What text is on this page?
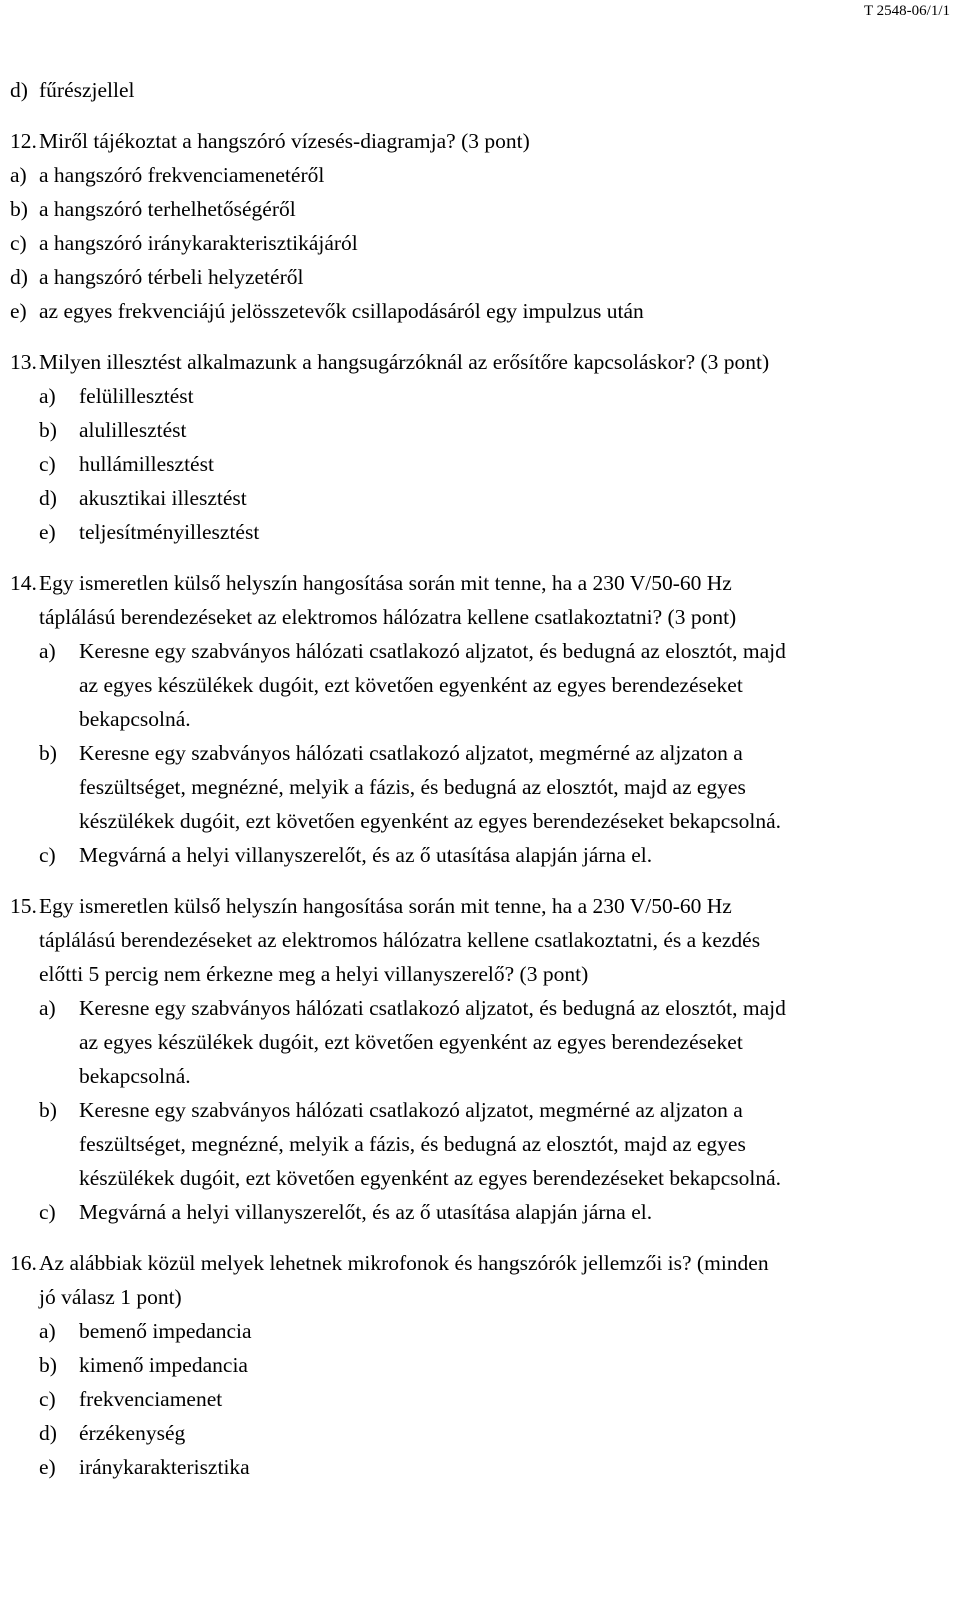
T 2548-06/1/1
d) fűrészjellel
12. Miről tájékoztat a hangszóró vízesés-diagramja? (3 pont)
a) a hangszóró frekvenciamenetéről
b) a hangszóró terhelhetőségéről
c) a hangszóró iránykarakterisztikájáról
d) a hangszóró térbeli helyzetéről
e) az egyes frekvenciájú jelösszetevők csillapodásáról egy impulzus után
13. Milyen illesztést alkalmazunk a hangsugárzóknál az erősítőre kapcsoláskor? (3 pont)
a) felülillesztést
b) alulillesztést
c) hullámillesztést
d) akusztikai illesztést
e) teljesítményillesztést
14. Egy ismeretlen külső helyszín hangosítása során mit tenne, ha a 230 V/50-60 Hz
táplálású berendezéseket az elektromos hálózatra kellene csatlakoztatni? (3 pont)
a) Keresne egy szabványos hálózati csatlakozó aljzatot, és bedugná az elosztót, majd
az egyes készülékek dugóit, ezt követően egyenként az egyes berendezéseket
bekapcsolná.
b) Keresne egy szabványos hálózati csatlakozó aljzatot, megmérné az aljzaton a
feszültséget, megnézné, melyik a fázis, és bedugná az elosztót, majd az egyes
készülékek dugóit, ezt követően egyenként az egyes berendezéseket bekapcsolná.
c) Megvárná a helyi villanyszerelőt, és az ő utasítása alapján járna el.
15. Egy ismeretlen külső helyszín hangosítása során mit tenne, ha a 230 V/50-60 Hz
táplálású berendezéseket az elektromos hálózatra kellene csatlakoztatni, és a kezdés
előtti 5 percig nem érkezne meg a helyi villanyszerelő? (3 pont)
a) Keresne egy szabványos hálózati csatlakozó aljzatot, és bedugná az elosztót, majd
az egyes készülékek dugóit, ezt követően egyenként az egyes berendezéseket
bekapcsolná.
b) Keresne egy szabványos hálózati csatlakozó aljzatot, megmérné az aljzaton a
feszültséget, megnézné, melyik a fázis, és bedugná az elosztót, majd az egyes
készülékek dugóit, ezt követően egyenként az egyes berendezéseket bekapcsolná.
c) Megvárná a helyi villanyszerelőt, és az ő utasítása alapján járna el.
16. Az alábbiak közül melyek lehetnek mikrofonok és hangszórók jellemzői is? (minden
jó válasz 1 pont)
a) bemenő impedancia
b) kimenő impedancia
c) frekvenciamenet
d) érzékenység
e) iránykarakterisztika
